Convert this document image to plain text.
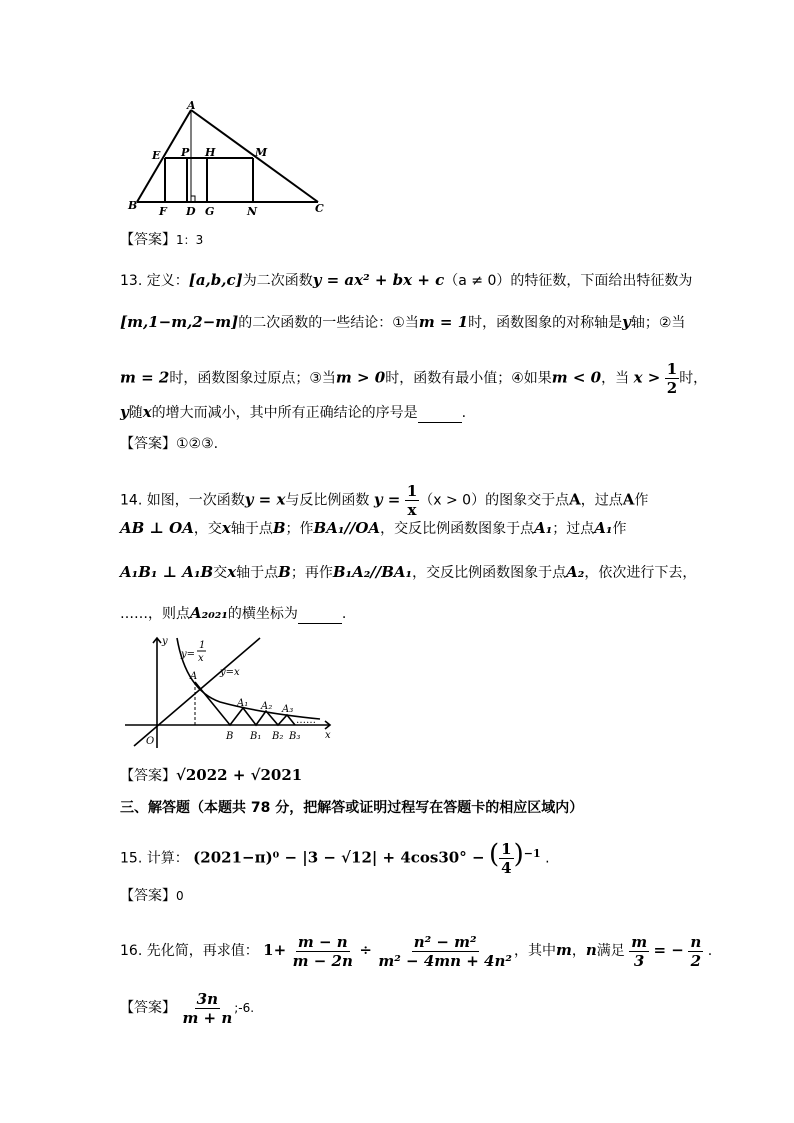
A
E P H	M
B F D G	N	C
【答案】1：3
13. 定义：[a,b,c]为二次函数y = ax² + bx + c（a ≠ 0）的特征数，下面给出特征数为
[m,1−m,2−m]的二次函数的一些结论：①当m = 1时，函数图象的对称轴是y轴；②当
m = 2时，函数图象过原点；③当m > 0时，函数有最小值；④如果m < 0，当 $x > \frac{1}{2}$ 时，
y随x的增大而减小，其中所有正确结论的序号是	.
【答案】①②③.
14. 如图，一次函数y = x与反比例函数 $y = \frac{1}{x} (x > 0)$的图象交于点A，过点A作
AB ⊥ OA，交x轴于点B；作BA₁//OA，交反比例函数图象于点A₁；过点A₁作
A₁B₁ ⊥ A₁B交x轴于点B；再作B₁A₂//BA₁，交反比例函数图象于点A₂，依次进行下去，
……，则点A₂₀₂₁的横坐标为	.
……
y
x
O
y=
1
x
y=x
A
A₁ A₂ A₃
B B₁ B₂ B₃
【答案】√2022 + √2021
三、解答题（本题共 78 分，把解答或证明过程写在答题卡的相应区域内）
15. 计算： (2021−π)⁰ − |3 − √12| + 4cos30° − ( $\frac{1}{4} )^{-1}$ .
【答案】0
16. 先化简，再求值： $1+ \frac{m - n}{m - 2n} \div \frac{\text{n² − m²}}{\text{m² − 4mn + 4n²}}$ ，其中m，n满足 $\frac{m}{3}$ = − $\frac{n}{2}$ .
【答案】 $\frac{3n}{m + n}$ ;-6.
